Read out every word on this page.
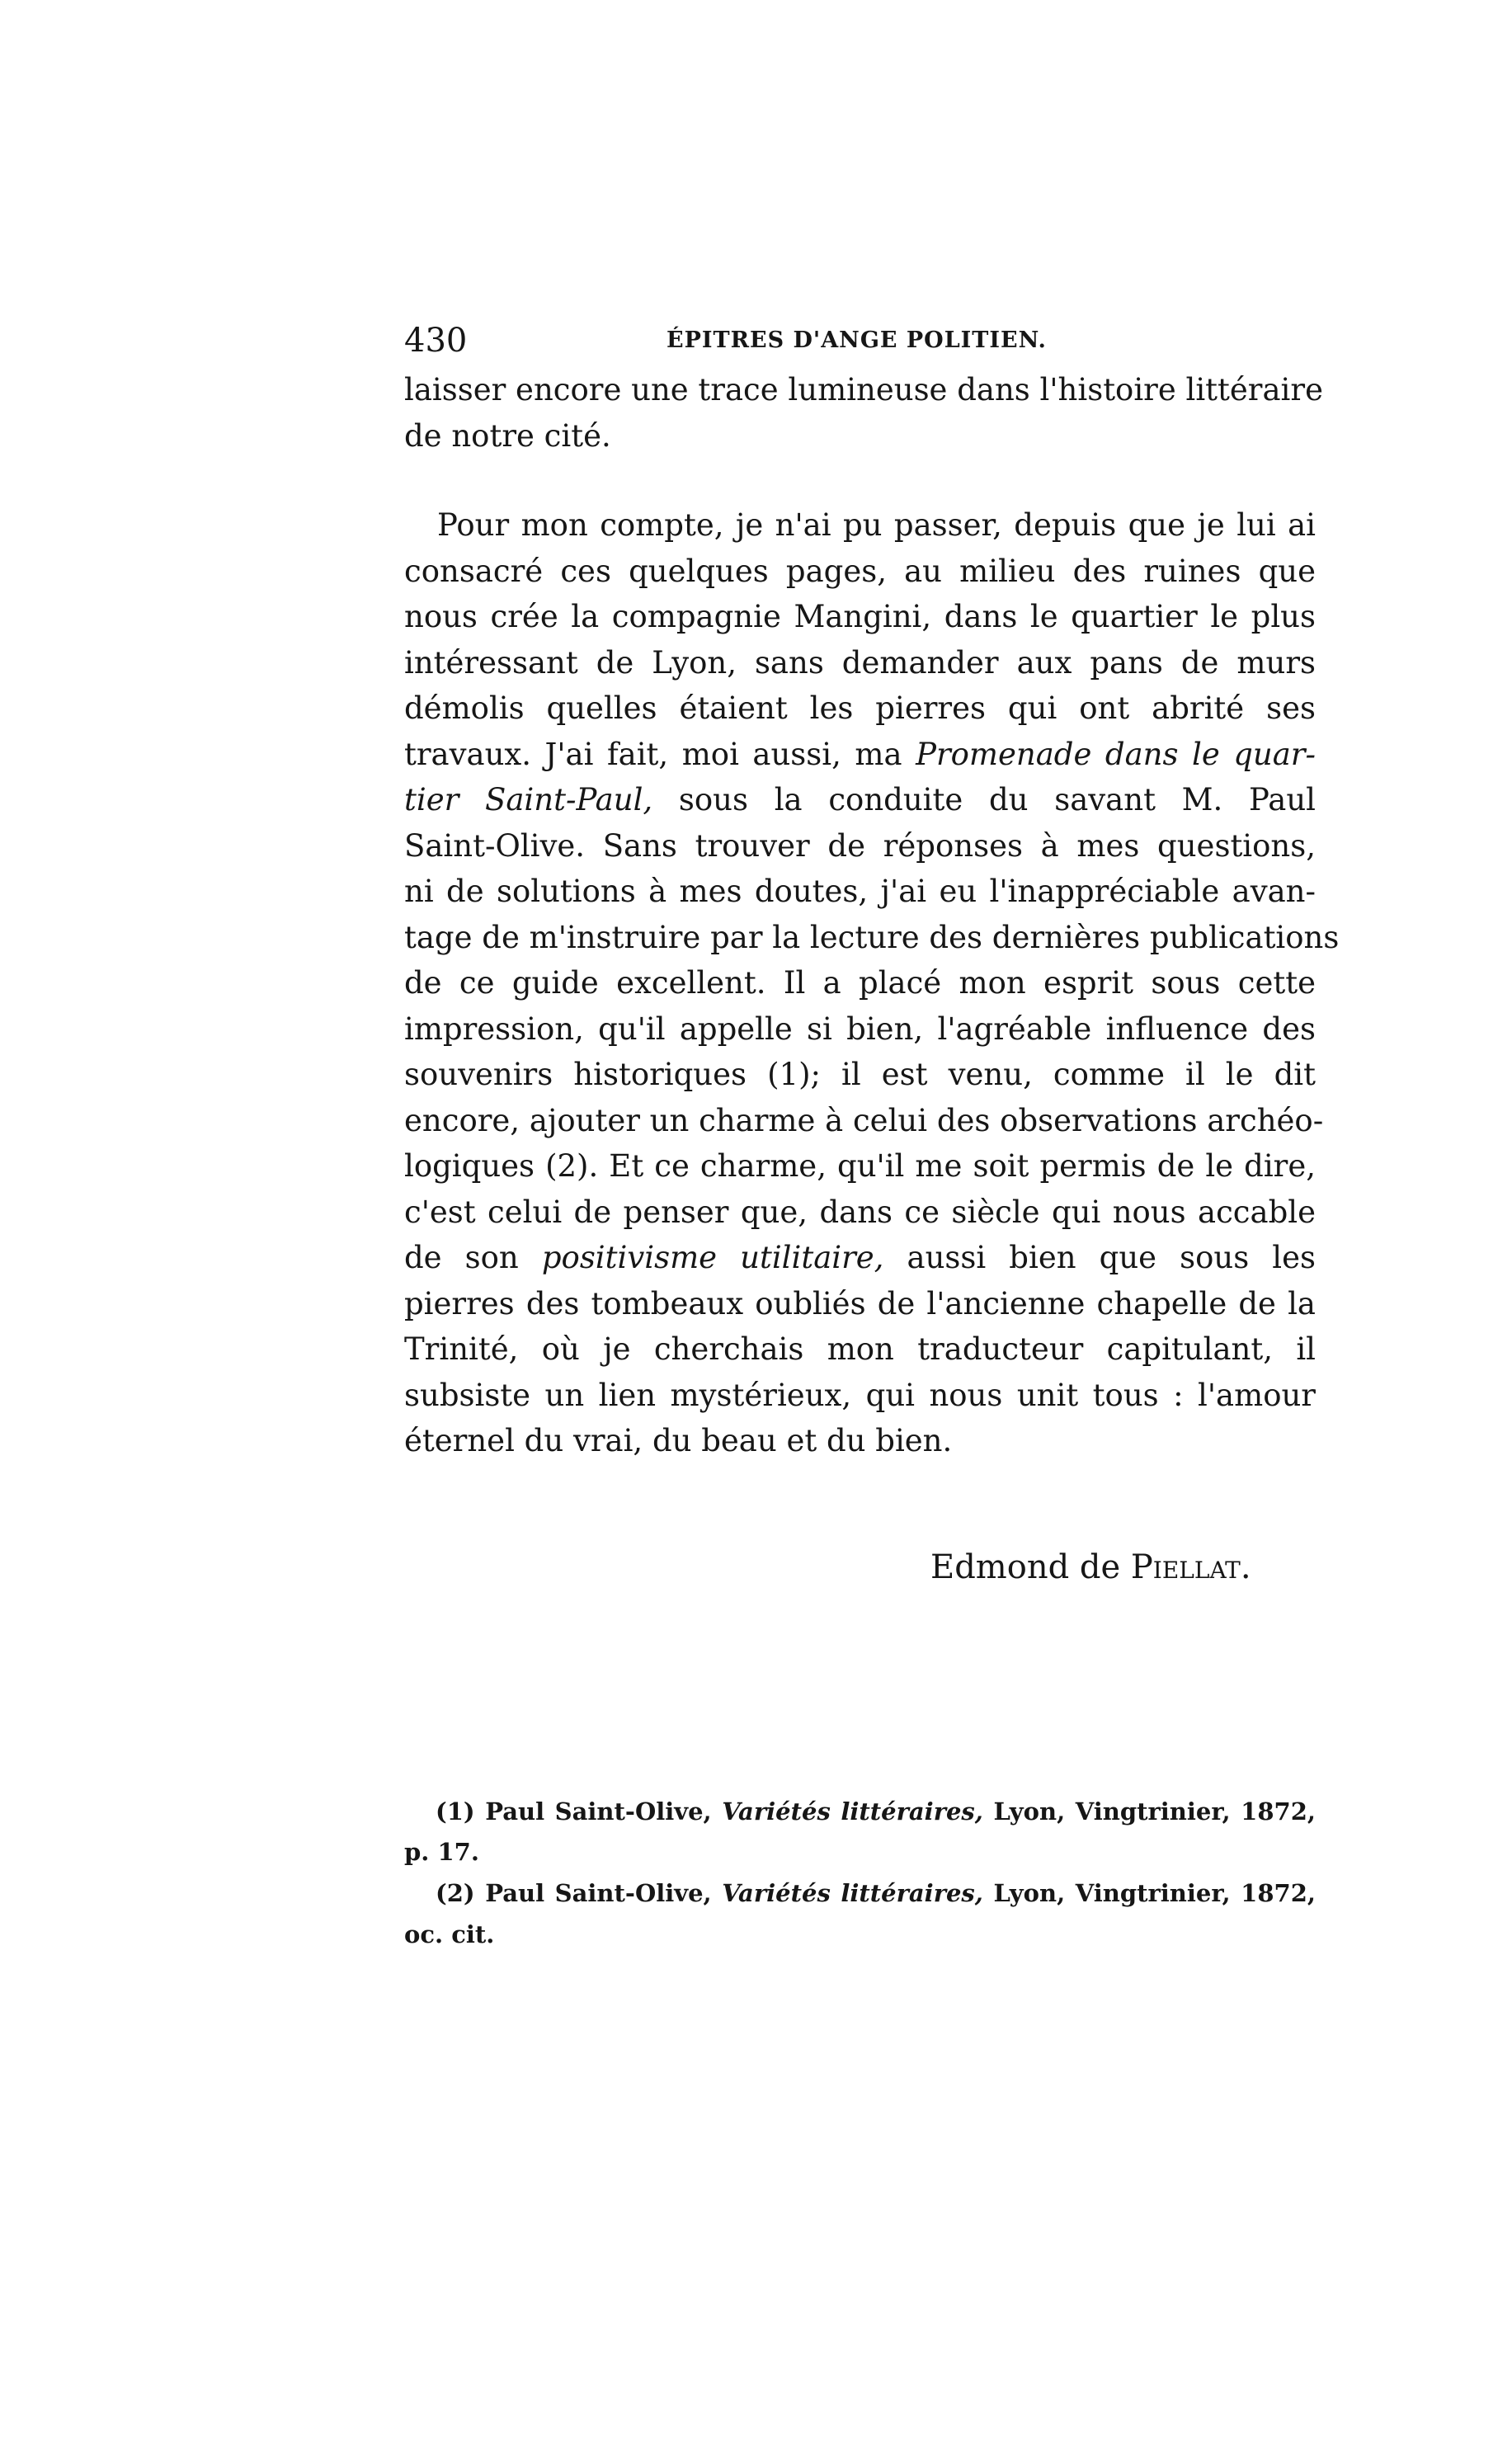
430	ÉPITRES D'ANGE POLITIEN.
laisser encore une trace lumineuse dans l'histoire littéraire
de notre cité.
Pour mon compte, je n'ai pu passer, depuis que je lui ai
consacré ces quelques pages, au milieu des ruines que
nous crée la compagnie Mangini, dans le quartier le plus
intéressant de Lyon, sans demander aux pans de murs
démolis quelles étaient les pierres qui ont abrité ses
travaux. J'ai fait, moi aussi, ma Promenade dans le quar-
tier Saint-Paul, sous la conduite du savant M. Paul
Saint-Olive. Sans trouver de réponses à mes questions,
ni de solutions à mes doutes, j'ai eu l'inappréciable avan-
tage de m'instruire par la lecture des dernières publications
de ce guide excellent. Il a placé mon esprit sous cette
impression, qu'il appelle si bien, l'agréable influence des
souvenirs historiques (1); il est venu, comme il le dit
encore, ajouter un charme à celui des observations archéo-
logiques (2). Et ce charme, qu'il me soit permis de le dire,
c'est celui de penser que, dans ce siècle qui nous accable
de son positivisme utilitaire, aussi bien que sous les
pierres des tombeaux oubliés de l'ancienne chapelle de la
Trinité, où je cherchais mon traducteur capitulant, il
subsiste un lien mystérieux, qui nous unit tous : l'amour
éternel du vrai, du beau et du bien.
Edmond de Piellat.
(1) Paul Saint-Olive, Variétés littéraires, Lyon, Vingtrinier, 1872,
p. 17.
(2) Paul Saint-Olive, Variétés littéraires, Lyon, Vingtrinier, 1872,
oc. cit.
